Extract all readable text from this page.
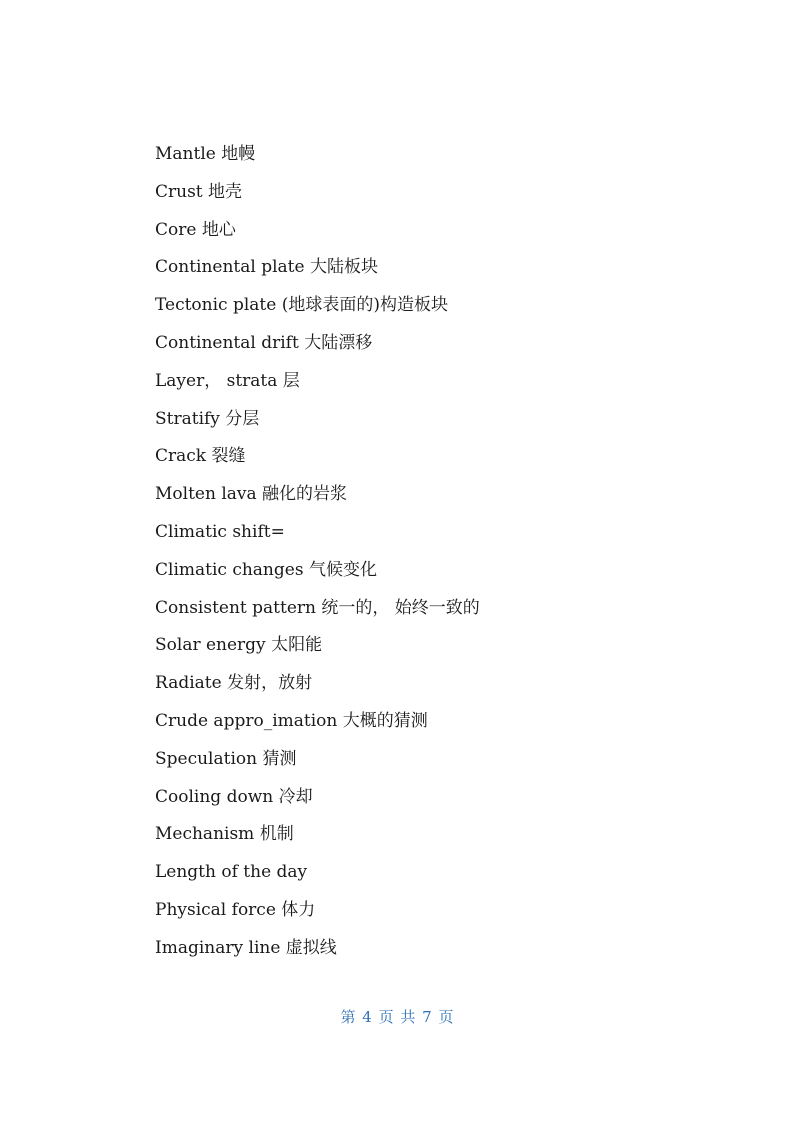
Mantle 地幔
Crust 地壳
Core 地心
Continental plate 大陆板块
Tectonic plate (地球表面的)构造板块
Continental drift 大陆漂移
Layer， strata 层
Stratify 分层
Crack 裂缝
Molten lava 融化的岩浆
Climatic shift=
Climatic changes 气候变化
Consistent pattern 统一的， 始终一致的
Solar energy 太阳能
Radiate 发射，放射
Crude appro_imation 大概的猜测
Speculation 猜测
Cooling down 冷却
Mechanism 机制
Length of the day
Physical force 体力
Imaginary line 虚拟线
第 4 页 共 7 页
